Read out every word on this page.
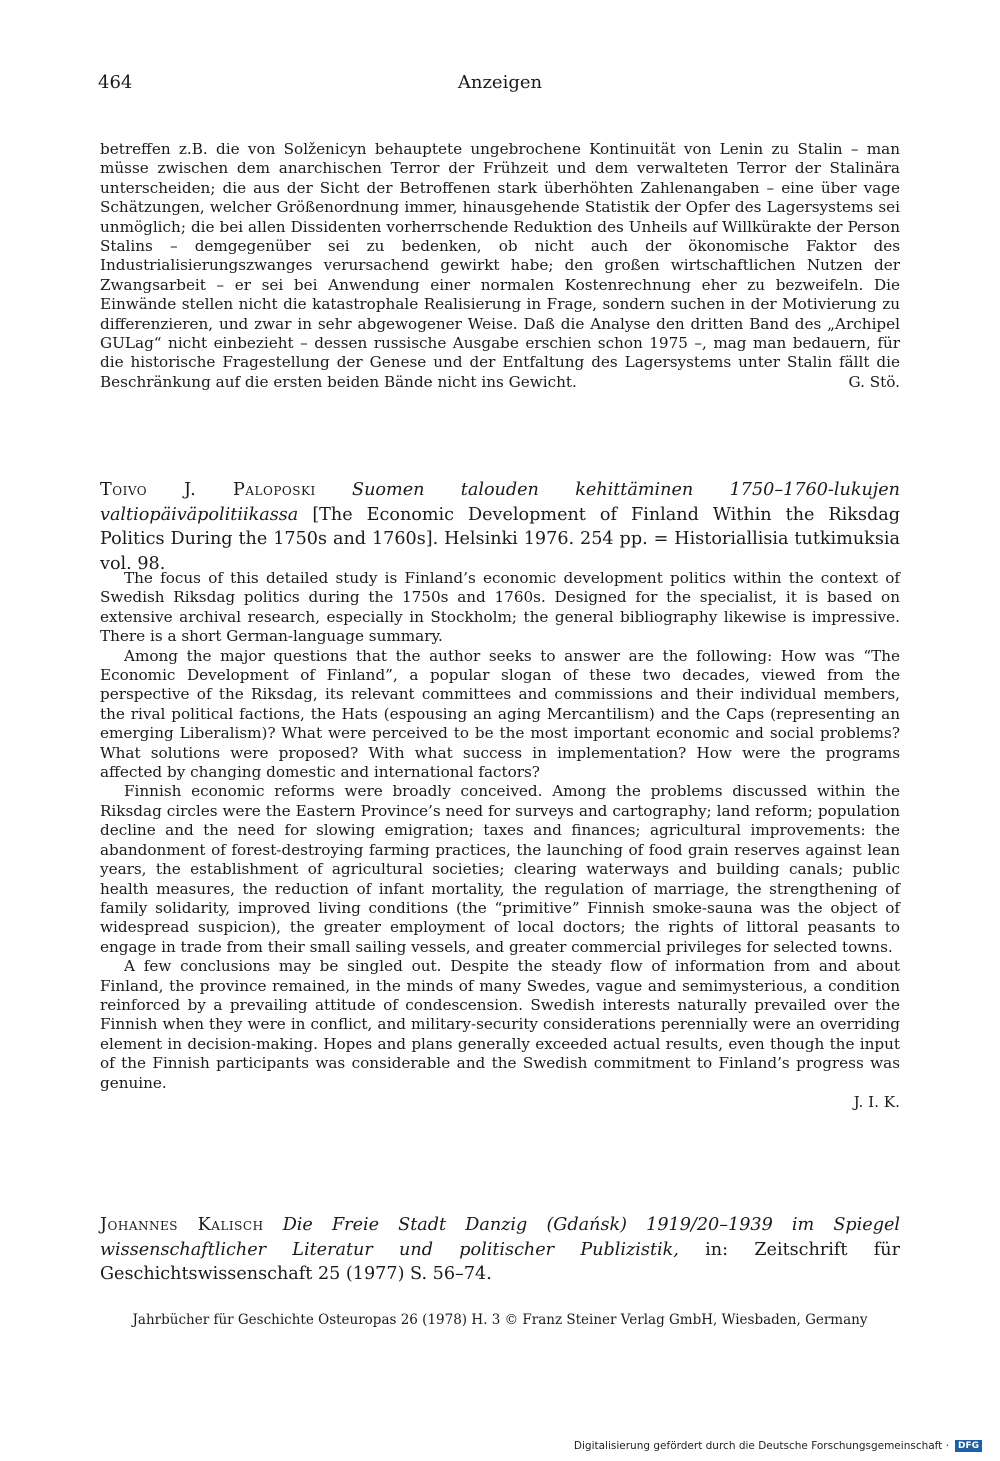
464	Anzeigen

betreffen z.B. die von Solženicyn behauptete ungebrochene Kontinuität von Lenin zu Stalin – man müsse zwischen dem anarchischen Terror der Frühzeit und dem verwalteten Terror der Stalinära unterscheiden; die aus der Sicht der Betroffenen stark überhöhten Zahlenangaben – eine über vage Schätzungen, welcher Größenordnung immer, hinausgehende Statistik der Opfer des Lagersystems sei unmöglich; die bei allen Dissidenten vorherrschende Reduktion des Unheils auf Willkürakte der Person Stalins – demgegenüber sei zu bedenken, ob nicht auch der ökonomische Faktor des Industrialisierungszwanges verursachend gewirkt habe; den großen wirtschaftlichen Nutzen der Zwangsarbeit – er sei bei Anwendung einer normalen Kostenrechnung eher zu bezweifeln. Die Einwände stellen nicht die katastrophale Realisierung in Frage, sondern suchen in der Motivierung zu differenzieren, und zwar in sehr abgewogener Weise. Daß die Analyse den dritten Band des „Archipel GULag“ nicht einbezieht – dessen russische Ausgabe erschien schon 1975 –, mag man bedauern, für die historische Fragestellung der Genese und der Entfaltung des Lagersystems unter Stalin fällt die Beschränkung auf die ersten beiden Bände nicht ins Gewicht.	G. Stö.
Toivo J. Paloposki Suomen talouden kehittäminen 1750–1760-lukujen valtiopäiväpolitiikassa [The Economic Development of Finland Within the Riksdag Politics During the 1750s and 1760s]. Helsinki 1976. 254 pp. = Historiallisia tutkimuksia vol. 98.

The focus of this detailed study is Finland’s economic development politics within the context of Swedish Riksdag politics during the 1750s and 1760s. Designed for the specialist, it is based on extensive archival research, especially in Stockholm; the general bibliography likewise is impressive. There is a short German-language summary.

Among the major questions that the author seeks to answer are the following: How was “The Economic Development of Finland”, a popular slogan of these two decades, viewed from the perspective of the Riksdag, its relevant committees and commissions and their individual members, the rival political factions, the Hats (espousing an aging Mercantilism) and the Caps (representing an emerging Liberalism)? What were perceived to be the most important economic and social problems? What solutions were proposed? With what success in implementation? How were the programs affected by changing domestic and international factors?

Finnish economic reforms were broadly conceived. Among the problems discussed within the Riksdag circles were the Eastern Province’s need for surveys and cartography; land reform; population decline and the need for slowing emigration; taxes and finances; agricultural improvements: the abandonment of forest-destroying farming practices, the launching of food grain reserves against lean years, the establishment of agricultural societies; clearing waterways and building canals; public health measures, the reduction of infant mortality, the regulation of marriage, the strengthening of family solidarity, improved living conditions (the “primitive” Finnish smoke-sauna was the object of widespread suspicion), the greater employment of local doctors; the rights of littoral peasants to engage in trade from their small sailing vessels, and greater commercial privileges for selected towns.

A few conclusions may be singled out. Despite the steady flow of information from and about Finland, the province remained, in the minds of many Swedes, vague and semimysterious, a condition reinforced by a prevailing attitude of condescension. Swedish interests naturally prevailed over the Finnish when they were in conflict, and military-security considerations perennially were an overriding element in decision-making. Hopes and plans generally exceeded actual results, even though the input of the Finnish participants was considerable and the Swedish commitment to Finland’s progress was genuine.

J. I. K.
Johannes Kalisch Die Freie Stadt Danzig (Gdańsk) 1919/20–1939 im Spiegel wissenschaftlicher Literatur und politischer Publizistik, in: Zeitschrift für Geschichtswissenschaft 25 (1977) S. 56–74.
Jahrbücher für Geschichte Osteuropas 26 (1978) H. 3 © Franz Steiner Verlag GmbH, Wiesbaden, Germany
Digitalisierung gefördert durch die Deutsche Forschungsgemeinschaft ·	DFG
